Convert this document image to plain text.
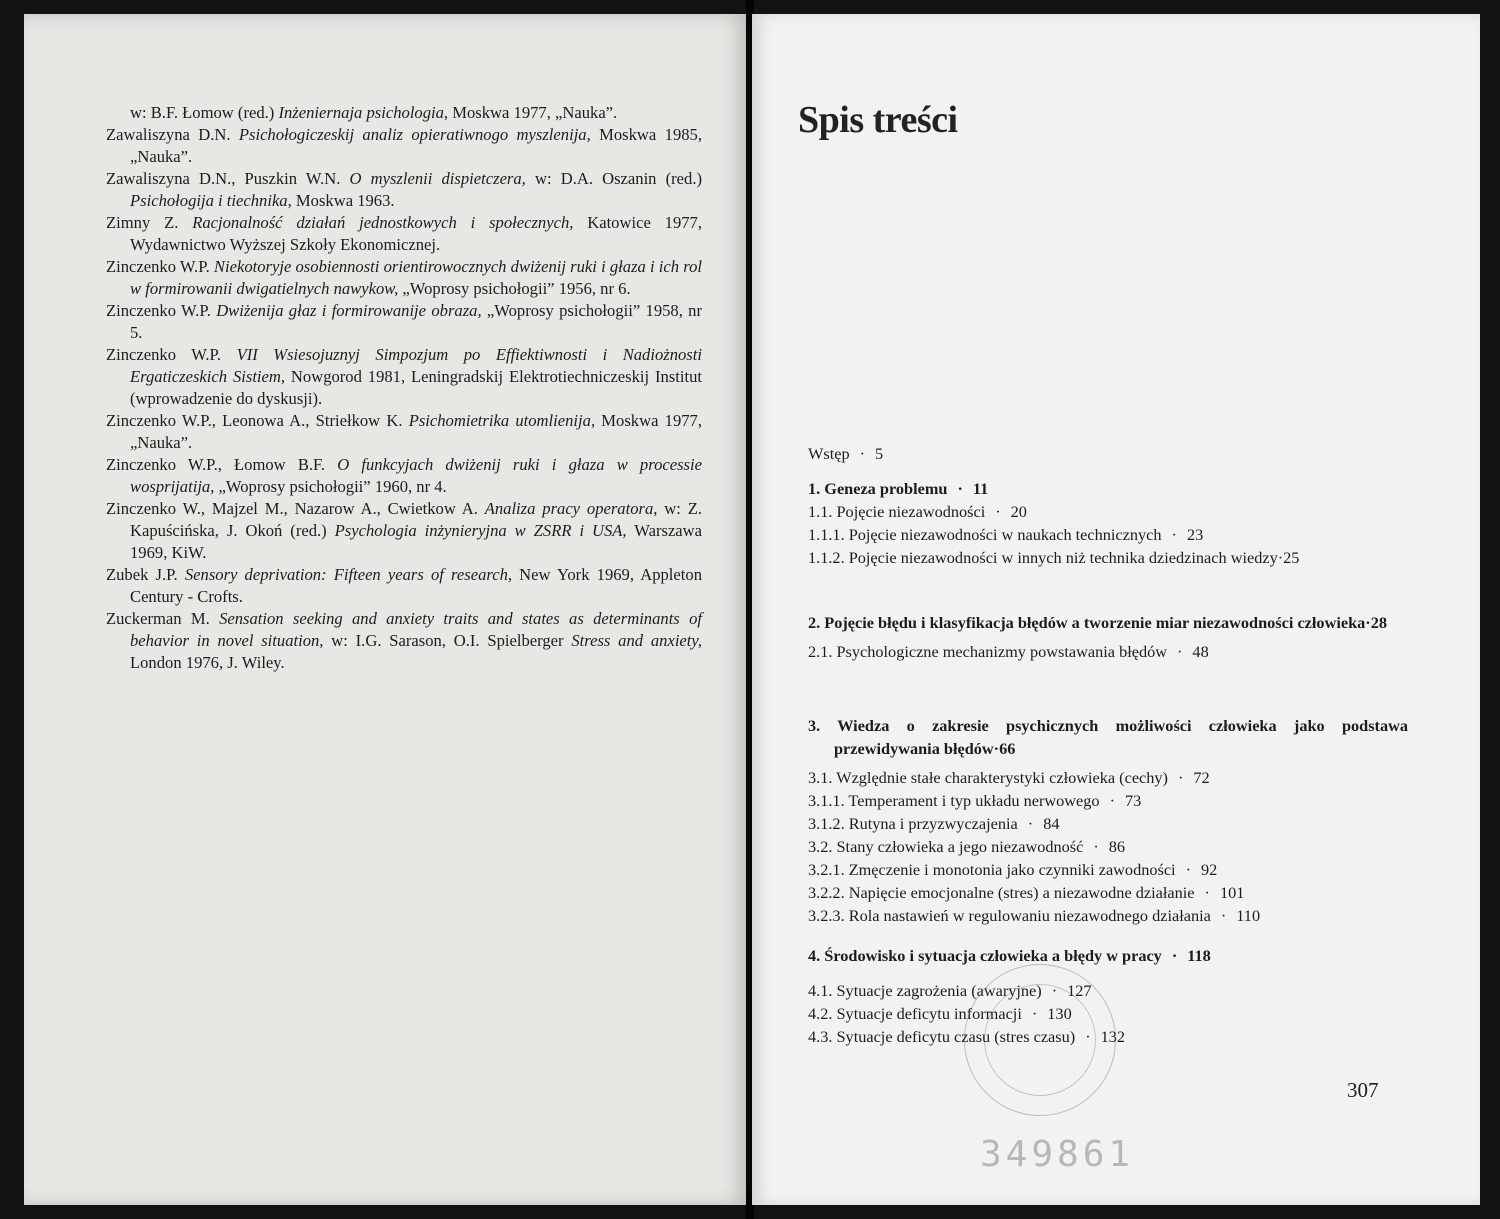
w: B.F. Łomow (red.) Inżeniernaja psichologia, Moskwa 1977, „Nauka”.

Zawaliszyna D.N. Psichołogiczeskij analiz opieratiwnogo myszlenija, Moskwa 1985, „Nauka”.

Zawaliszyna D.N., Puszkin W.N. O myszlenii dispietczera, w: D.A. Oszanin (red.) Psichołogija i tiechnika, Moskwa 1963.

Zimny Z. Racjonalność działań jednostkowych i społecznych, Katowice 1977, Wydawnictwo Wyższej Szkoły Ekonomicznej.

Zinczenko W.P. Niekotoryje osobiennosti orientirowocznych dwiżenij ruki i głaza i ich rol w formirowanii dwigatielnych nawykow, „Woprosy psichołogii” 1956, nr 6.

Zinczenko W.P. Dwiżenija głaz i formirowanije obraza, „Woprosy psichołogii” 1958, nr 5.

Zinczenko W.P. VII Wsiesojuznyj Simpozjum po Effiektiwnosti i Nadiożnosti Ergaticzeskich Sistiem, Nowgorod 1981, Leningradskij Elektrotiechniczeskij Institut (wprowadzenie do dyskusji).

Zinczenko W.P., Leonowa A., Striełkow K. Psichomietrika utomlienija, Moskwa 1977, „Nauka”.

Zinczenko W.P., Łomow B.F. O funkcyjach dwiżenij ruki i głaza w processie wosprijatija, „Woprosy psichołogii” 1960, nr 4.

Zinczenko W., Majzel M., Nazarow A., Cwietkow A. Analiza pracy operatora, w: Z. Kapuścińska, J. Okoń (red.) Psychologia inżynieryjna w ZSRR i USA, Warszawa 1969, KiW.

Zubek J.P. Sensory deprivation: Fifteen years of research, New York 1969, Appleton Century - Crofts.

Zuckerman M. Sensation seeking and anxiety traits and states as determinants of behavior in novel situation, w: I.G. Sarason, O.I. Spielberger Stress and anxiety, London 1976, J. Wiley.

Spis treści
Wstęp · 5
1. Geneza problemu · 11
1.1. Pojęcie niezawodności · 20
1.1.1. Pojęcie niezawodności w naukach technicznych · 23
1.1.2. Pojęcie niezawodności w innych niż technika dziedzinach wiedzy·25
2. Pojęcie błędu i klasyfikacja błędów a tworzenie miar niezawodności człowieka·28
2.1. Psychologiczne mechanizmy powstawania błędów · 48
3. Wiedza o zakresie psychicznych możliwości człowieka jako podstawa przewidywania błędów·66
3.1. Względnie stałe charakterystyki człowieka (cechy) · 72
3.1.1. Temperament i typ układu nerwowego · 73
3.1.2. Rutyna i przyzwyczajenia · 84
3.2. Stany człowieka a jego niezawodność · 86
3.2.1. Zmęczenie i monotonia jako czynniki zawodności · 92
3.2.2. Napięcie emocjonalne (stres) a niezawodne działanie · 101
3.2.3. Rola nastawień w regulowaniu niezawodnego działania · 110
4. Środowisko i sytuacja człowieka a błędy w pracy · 118
4.1. Sytuacje zagrożenia (awaryjne) · 127
4.2. Sytuacje deficytu informacji · 130
4.3. Sytuacje deficytu czasu (stres czasu) · 132
349861
307
